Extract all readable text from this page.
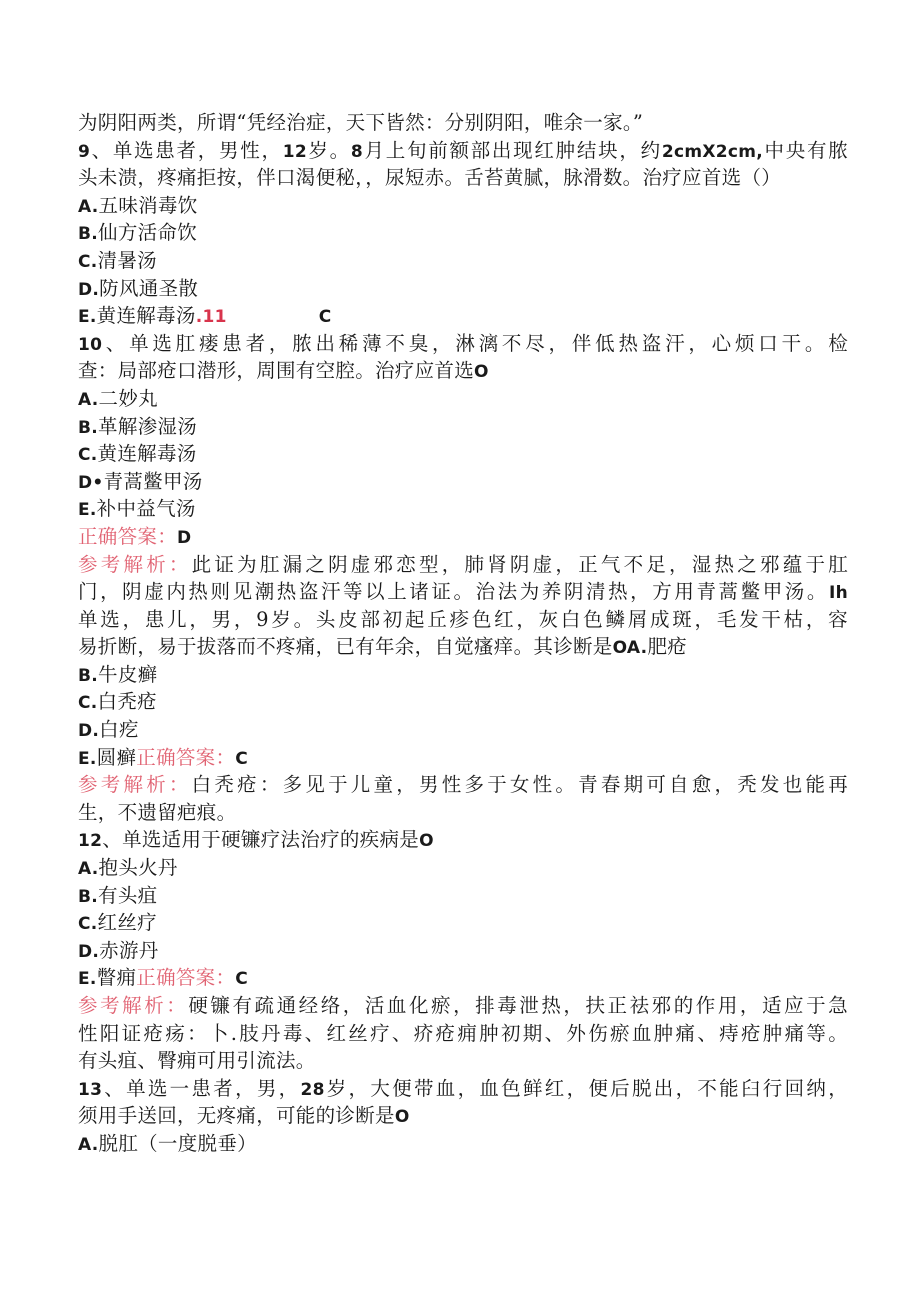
为阴阳两类，所谓“凭经治症，天下皆然：分别阴阳，唯余一家。”
9、单选患者，男性，12岁。8月上旬前额部出现红肿结块，约2cmX2cm,中央有脓
头未溃，疼痛拒按，伴口渴便秘，，尿短赤。舌苔黄腻，脉滑数。治疗应首选（）
A.五味消毒饮
B.仙方活命饮
C.清暑汤
D.防风通圣散
E.黄连解毒汤.11	C
10、单选肛瘘患者，脓出稀薄不臭，淋漓不尽，伴低热盗汗，心烦口干。检
查：局部疮口潜形，周围有空腔。治疗应首选O
A.二妙丸
B.革解渗湿汤
C.黄连解毒汤
D•青蒿鳖甲汤
E.补中益气汤
正确答案：D
参考解析：此证为肛漏之阴虚邪恋型，肺肾阴虚，正气不足，湿热之邪蕴于肛
门，阴虚内热则见潮热盗汗等以上诸证。治法为养阴清热，方用青蒿鳖甲汤。Ih
单选，患儿，男，9岁。头皮部初起丘疹色红，灰白色鳞屑成斑，毛发干枯，容
易折断，易于拔落而不疼痛，已有年余，自觉瘙痒。其诊断是OA.肥疮
B.牛皮癣
C.白秃疮
D.白疙
E.圆癣正确答案：C
参考解析：白秃疮：多见于儿童，男性多于女性。青春期可自愈，秃发也能再
生，不遗留疤痕。
12、单选适用于硬镰疗法治疗的疾病是O
A.抱头火丹
B.有头疽
C.红丝疗
D.赤游丹
E.瞥痈正确答案：C
参考解析：硬镰有疏通经络，活血化瘀，排毒泄热，扶正祛邪的作用，适应于急
性阳证疮疡：卜.肢丹毒、红丝疗、疥疮痈肿初期、外伤瘀血肿痛、痔疮肿痛等。
有头疽、臀痈可用引流法。
13、单选一患者，男，28岁，大便带血，血色鲜红，便后脱出，不能臼行回纳，
须用手送回，无疼痛，可能的诊断是O
A.脱肛（一度脱垂）
